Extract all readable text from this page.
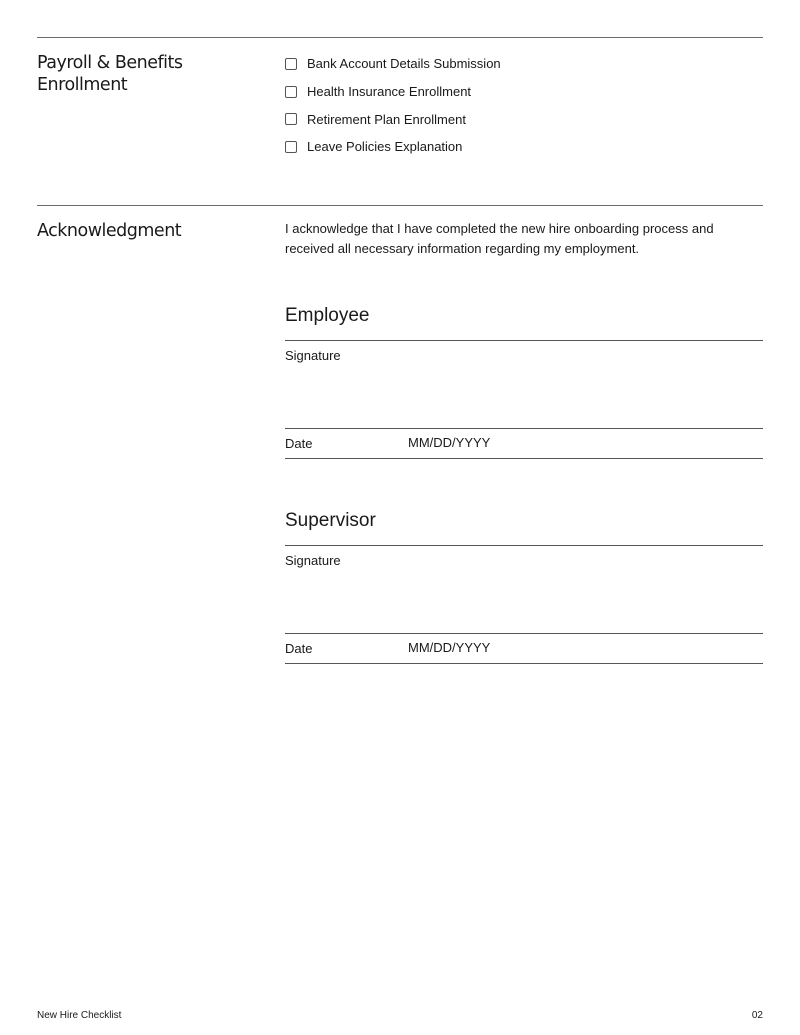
Payroll & Benefits
Enrollment
Bank Account Details Submission
Health Insurance Enrollment
Retirement Plan Enrollment
Leave Policies Explanation
Acknowledgment	I acknowledge that I have completed the new hire onboarding process and received all necessary information regarding my employment.

Employee
Signature
Date
MM/DD/YYYY
Supervisor
Signature
Date
MM/DD/YYYY
New Hire Checklist	02
